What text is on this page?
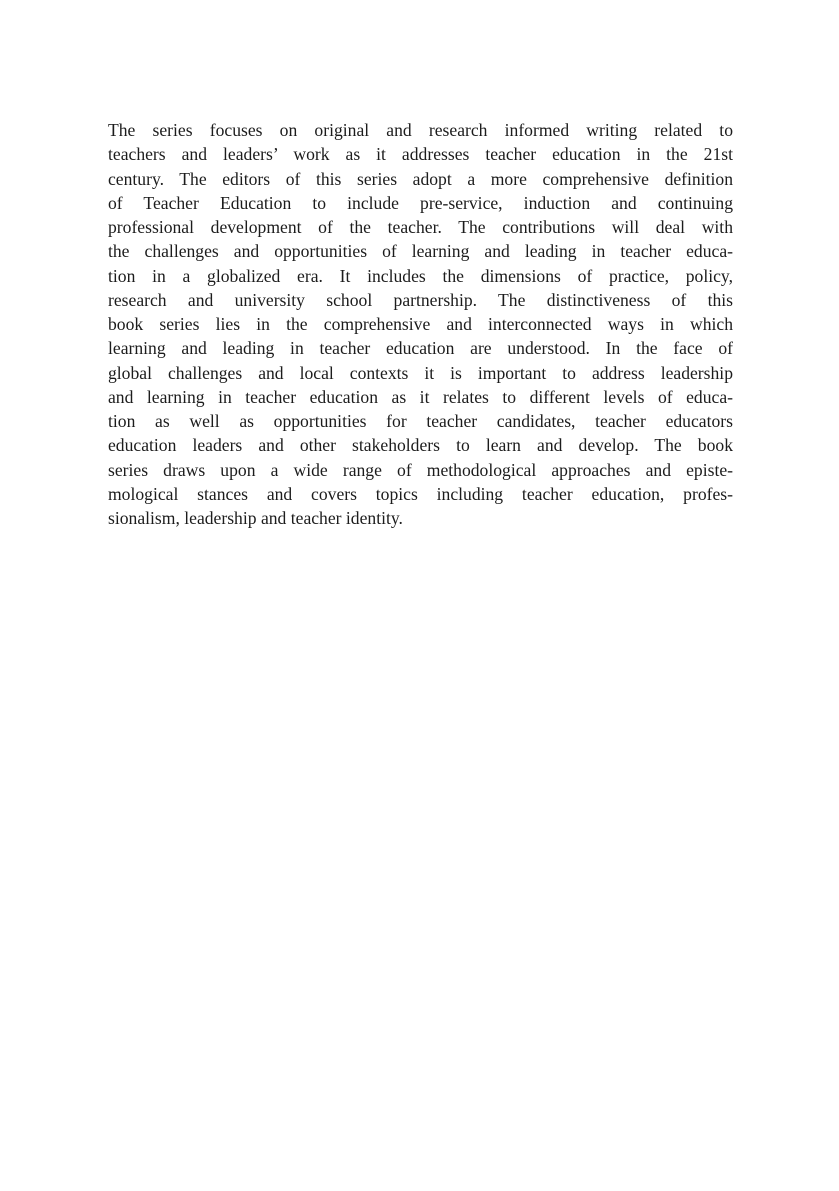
The series focuses on original and research informed writing related to
teachers and leaders’ work as it addresses teacher education in the 21st
century. The editors of this series adopt a more comprehensive definition
of Teacher Education to include pre-service, induction and continuing
professional development of the teacher. The contributions will deal with
the challenges and opportunities of learning and leading in teacher educa-
tion in a globalized era. It includes the dimensions of practice, policy,
research and university school partnership. The distinctiveness of this
book series lies in the comprehensive and interconnected ways in which
learning and leading in teacher education are understood. In the face of
global challenges and local contexts it is important to address leadership
and learning in teacher education as it relates to different levels of educa-
tion as well as opportunities for teacher candidates, teacher educators
education leaders and other stakeholders to learn and develop. The book
series draws upon a wide range of methodological approaches and episte-
mological stances and covers topics including teacher education, profes-
sionalism, leadership and teacher identity.
